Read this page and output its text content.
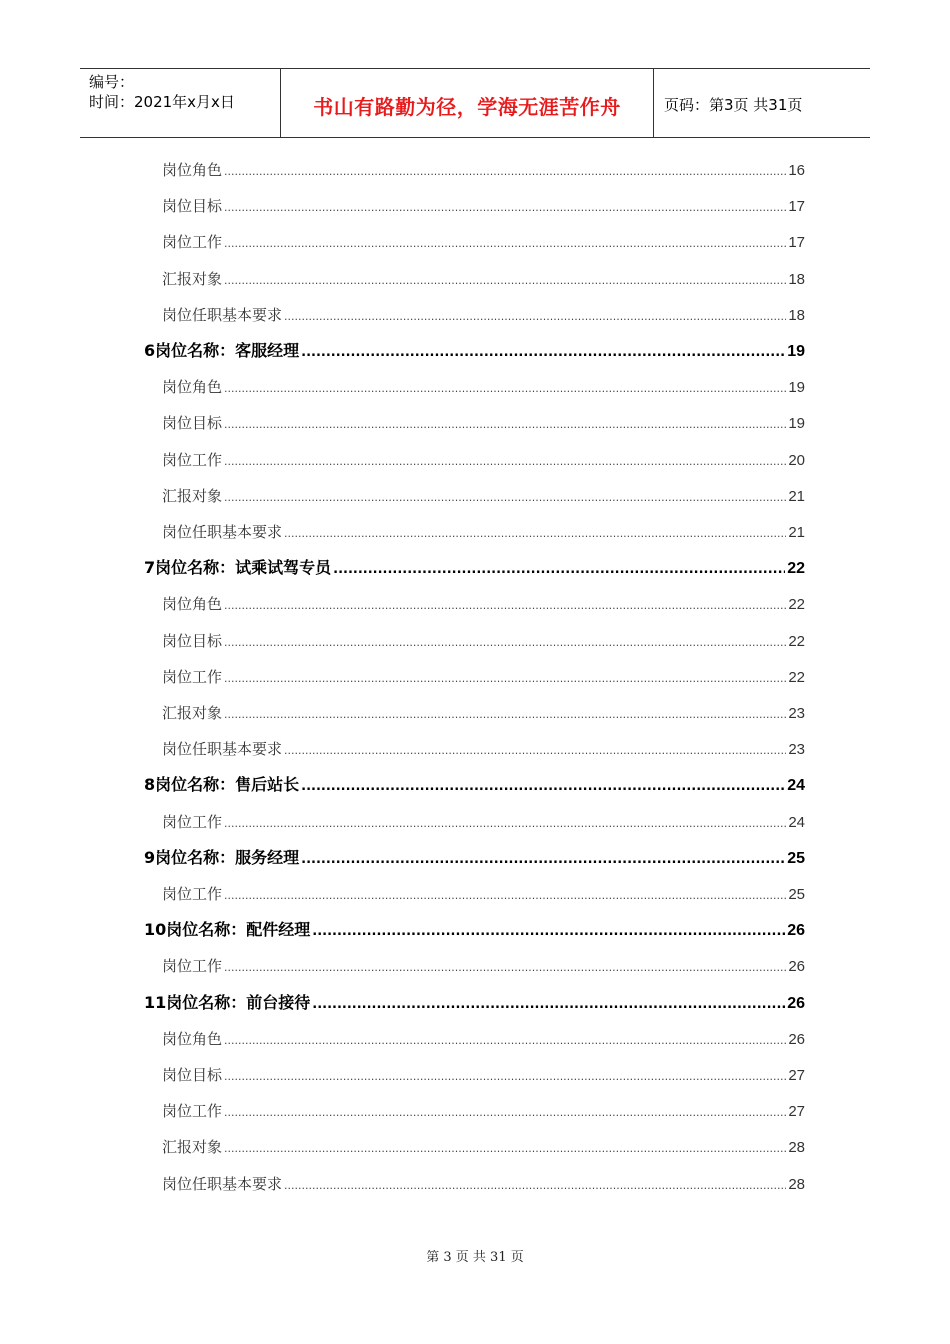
编号：
时间：2021年x月x日	书山有路勤为径，学海无涯苦作舟	页码：第3页 共31页
岗位角色 .....	16
岗位目标 .....	17
岗位工作 .....	17
汇报对象 .....	18
岗位任职基本要求 .....	18
6岗位名称：客服经理 .....	19
岗位角色 .....	19
岗位目标 .....	19
岗位工作 .....	20
汇报对象 .....	21
岗位任职基本要求 .....	21
7岗位名称：试乘试驾专员 .....	22
岗位角色 .....	22
岗位目标 .....	22
岗位工作 .....	22
汇报对象 .....	23
岗位任职基本要求 .....	23
8岗位名称：售后站长 .....	24
岗位工作 .....	24
9岗位名称：服务经理 .....	25
岗位工作 .....	25
10岗位名称：配件经理 .....	26
岗位工作 .....	26
11岗位名称：前台接待 .....	26
岗位角色 .....	26
岗位目标 .....	27
岗位工作 .....	27
汇报对象 .....	28
岗位任职基本要求 .....	28
第 3 页 共 31 页
